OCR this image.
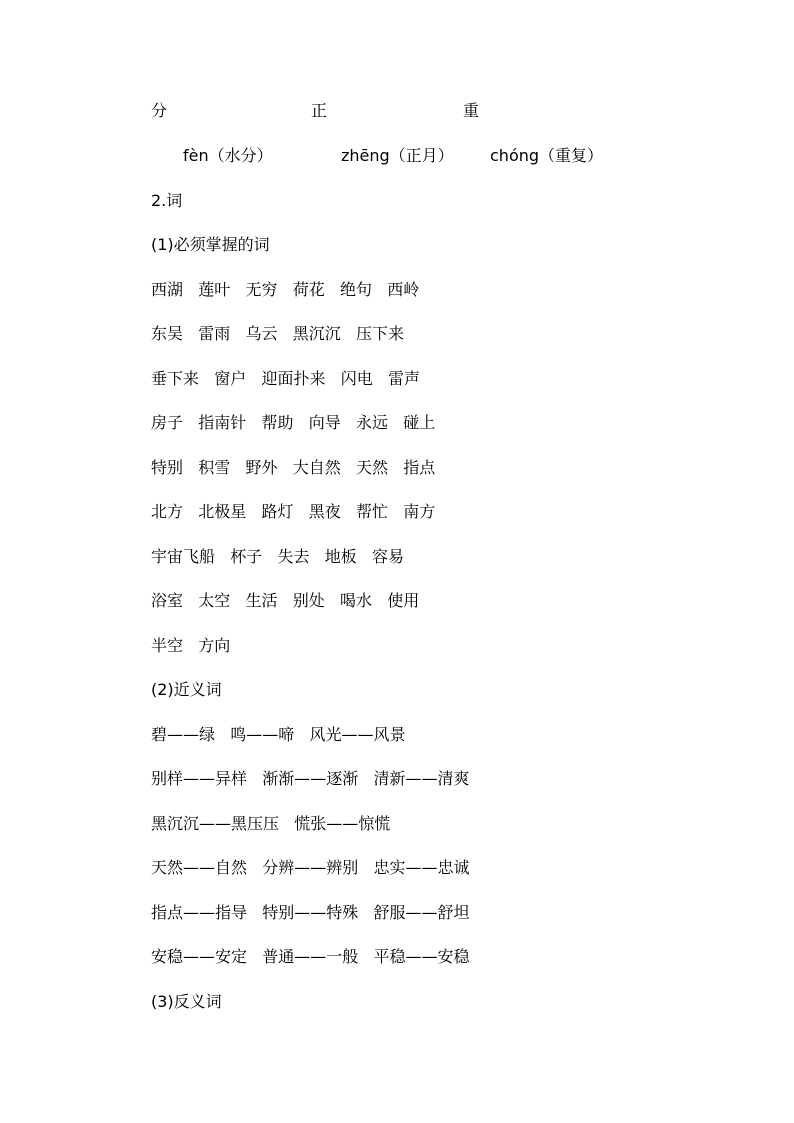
分	正	重
fèn（水分）	zhēng（正月） chóng（重复）
2.词
(1)必须掌握的词
西湖   莲叶   无穷   荷花   绝句   西岭
东吴   雷雨   乌云   黑沉沉   压下来
垂下来   窗户   迎面扑来   闪电   雷声
房子   指南针   帮助   向导   永远   碰上
特别   积雪   野外   大自然   天然   指点
北方   北极星   路灯   黑夜   帮忙   南方
宇宙飞船   杯子   失去   地板   容易
浴室   太空   生活   别处   喝水   使用
半空   方向
(2)近义词
碧——绿   鸣——啼   风光——风景
别样——异样   渐渐——逐渐   清新——清爽
黑沉沉——黑压压   慌张——惊慌
天然——自然   分辨——辨别   忠实——忠诚
指点——指导   特别——特殊   舒服——舒坦
安稳——安定   普通——一般   平稳——安稳
(3)反义词
